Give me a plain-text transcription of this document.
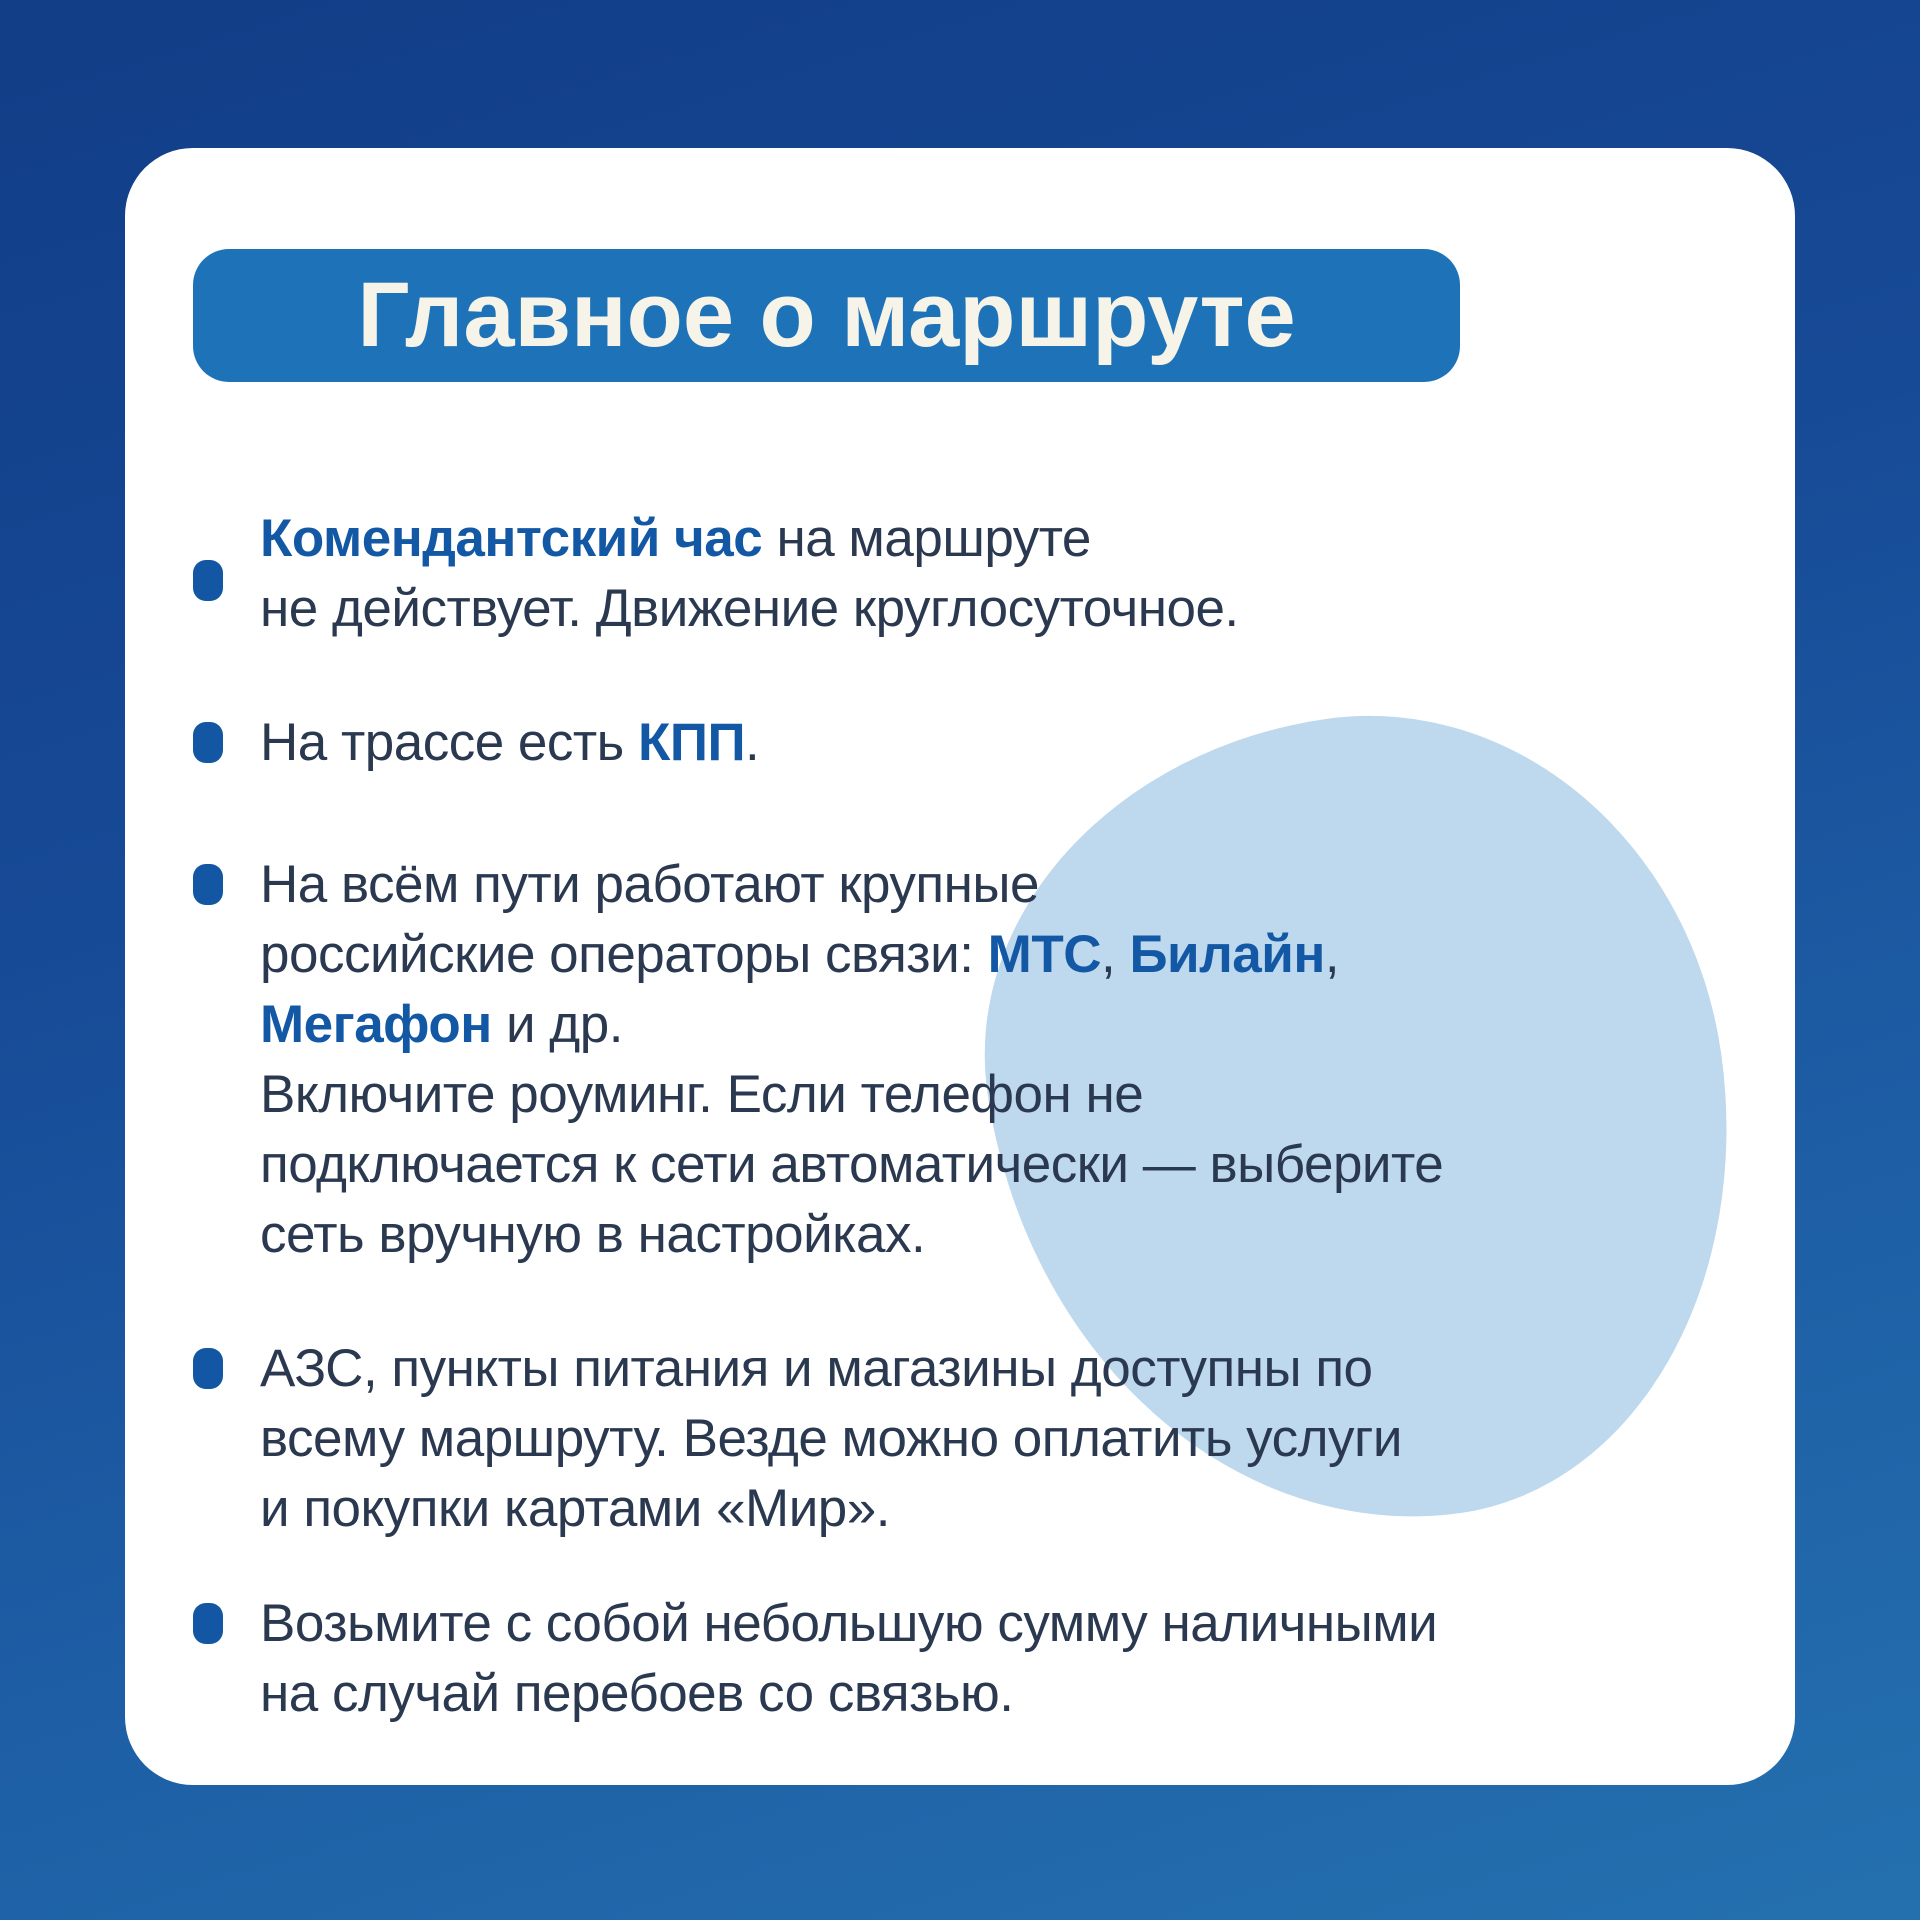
Главное о маршруте
Комендантский час на маршруте
не действует. Движение круглосуточное.
На трассе есть КПП.
На всём пути работают крупные
российские операторы связи: МТС, Билайн,
Мегафон и др.
Включите роуминг. Если телефон не
подключается к сети автоматически — выберите
сеть вручную в настройках.
АЗС, пункты питания и магазины доступны по
всему маршруту. Везде можно оплатить услуги
и покупки картами «Мир».
Возьмите с собой небольшую сумму наличными
на случай перебоев со связью.
